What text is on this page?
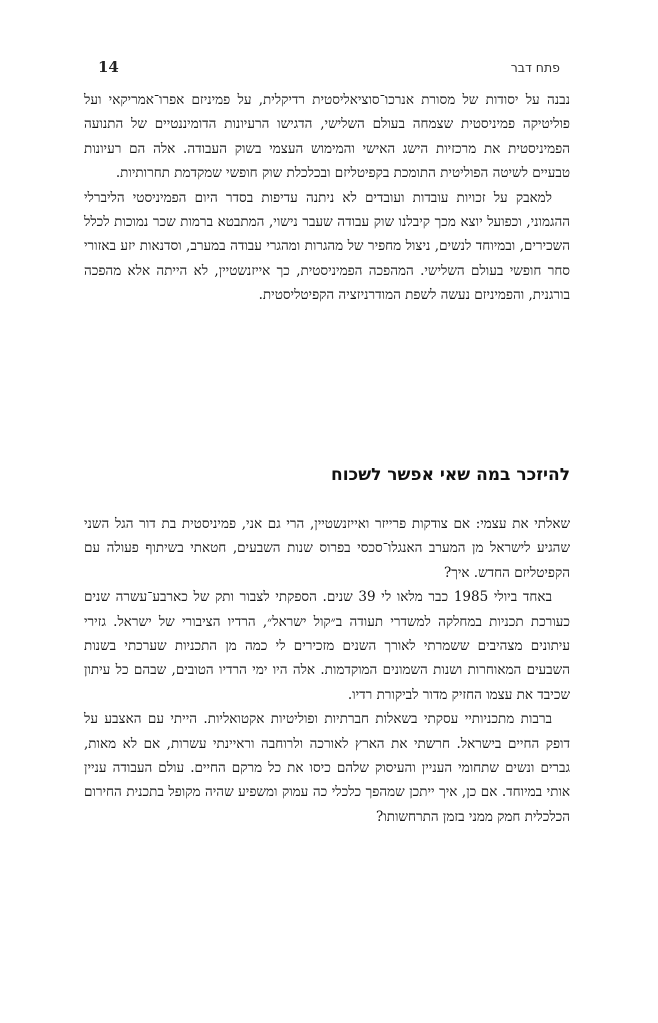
14	פתח דבר

נבנה על יסודות של מסורת אנרכו־סוציאליסטית רדיקלית, על פמיניזם אפרו־אמריקאי ועל פוליטיקה פמיניסטית שצמחה בעולם השלישי, הדגישו הרעיונות הדומיננטיים של התנועה הפמיניסטית את מרכזיות הישג האישי והמימוש העצמי בשוק העבודה. אלה הם רעיונות טבעיים לשיטה הפוליטית התומכת בקפיטליזם ובכלכלת שוק חופשי שמקדמת תחרותיות.

למאבק על זכויות עובדות ועובדים לא ניתנה עדיפות בסדר היום הפמיניסטי הליברלי ההגמוני, וכפועל יוצא מכך קיבלנו שוק עבודה שעבר נישוי, המתבטא ברמות שכר נמוכות לכלל השכירים, ובמיוחד לנשים, ניצול מחפיר של מהגרות ומהגרי עבודה במערב, וסדנאות יזע באזורי סחר חופשי בעולם השלישי. המהפכה הפמיניסטית, כך אייזנשטיין, לא הייתה אלא מהפכה בורגנית, והפמיניזם נעשה לשפת המודרניזציה הקפיטליסטית.

להיזכר במה שאי אפשר לשכוח

שאלתי את עצמי: אם צודקות פרייזר ואייזנשטיין, הרי גם אני, פמיניסטית בת דור הגל השני שהגיע לישראל מן המערב האנגלו־סכסי בפרוס שנות השבעים, חטאתי בשיתוף פעולה עם הקפיטליזם החדש. איך?

באחד ביולי 1985 כבר מלאו לי 39 שנים. הספקתי לצבור ותק של כארבע־עשרה שנים כעורכת תכניות במחלקה למשדרי תעודה ב״קול ישראל״, הרדיו הציבורי של ישראל. גזירי עיתונים מצהיבים ששמרתי לאורך השנים מזכירים לי כמה מן התכניות שערכתי בשנות השבעים המאוחרות ושנות השמונים המוקדמות. אלה היו ימי הרדיו הטובים, שבהם כל עיתון שכיבד את עצמו החזיק מדור לביקורת רדיו.

ברבות מתכניותיי עסקתי בשאלות חברתיות ופוליטיות אקטואליות. הייתי עם האצבע על דופק החיים בישראל. חרשתי את הארץ לאורכה ולרוחבה וראיינתי עשרות, אם לא מאות, גברים ונשים שתחומי העניין והעיסוק שלהם כיסו את כל מרקם החיים. עולם העבודה עניין אותי במיוחד. אם כן, איך ייתכן שמהפך כלכלי כה עמוק ומשפיע שהיה מקופל בתכנית החירום הכלכלית חמק ממני בזמן התרחשותו?
